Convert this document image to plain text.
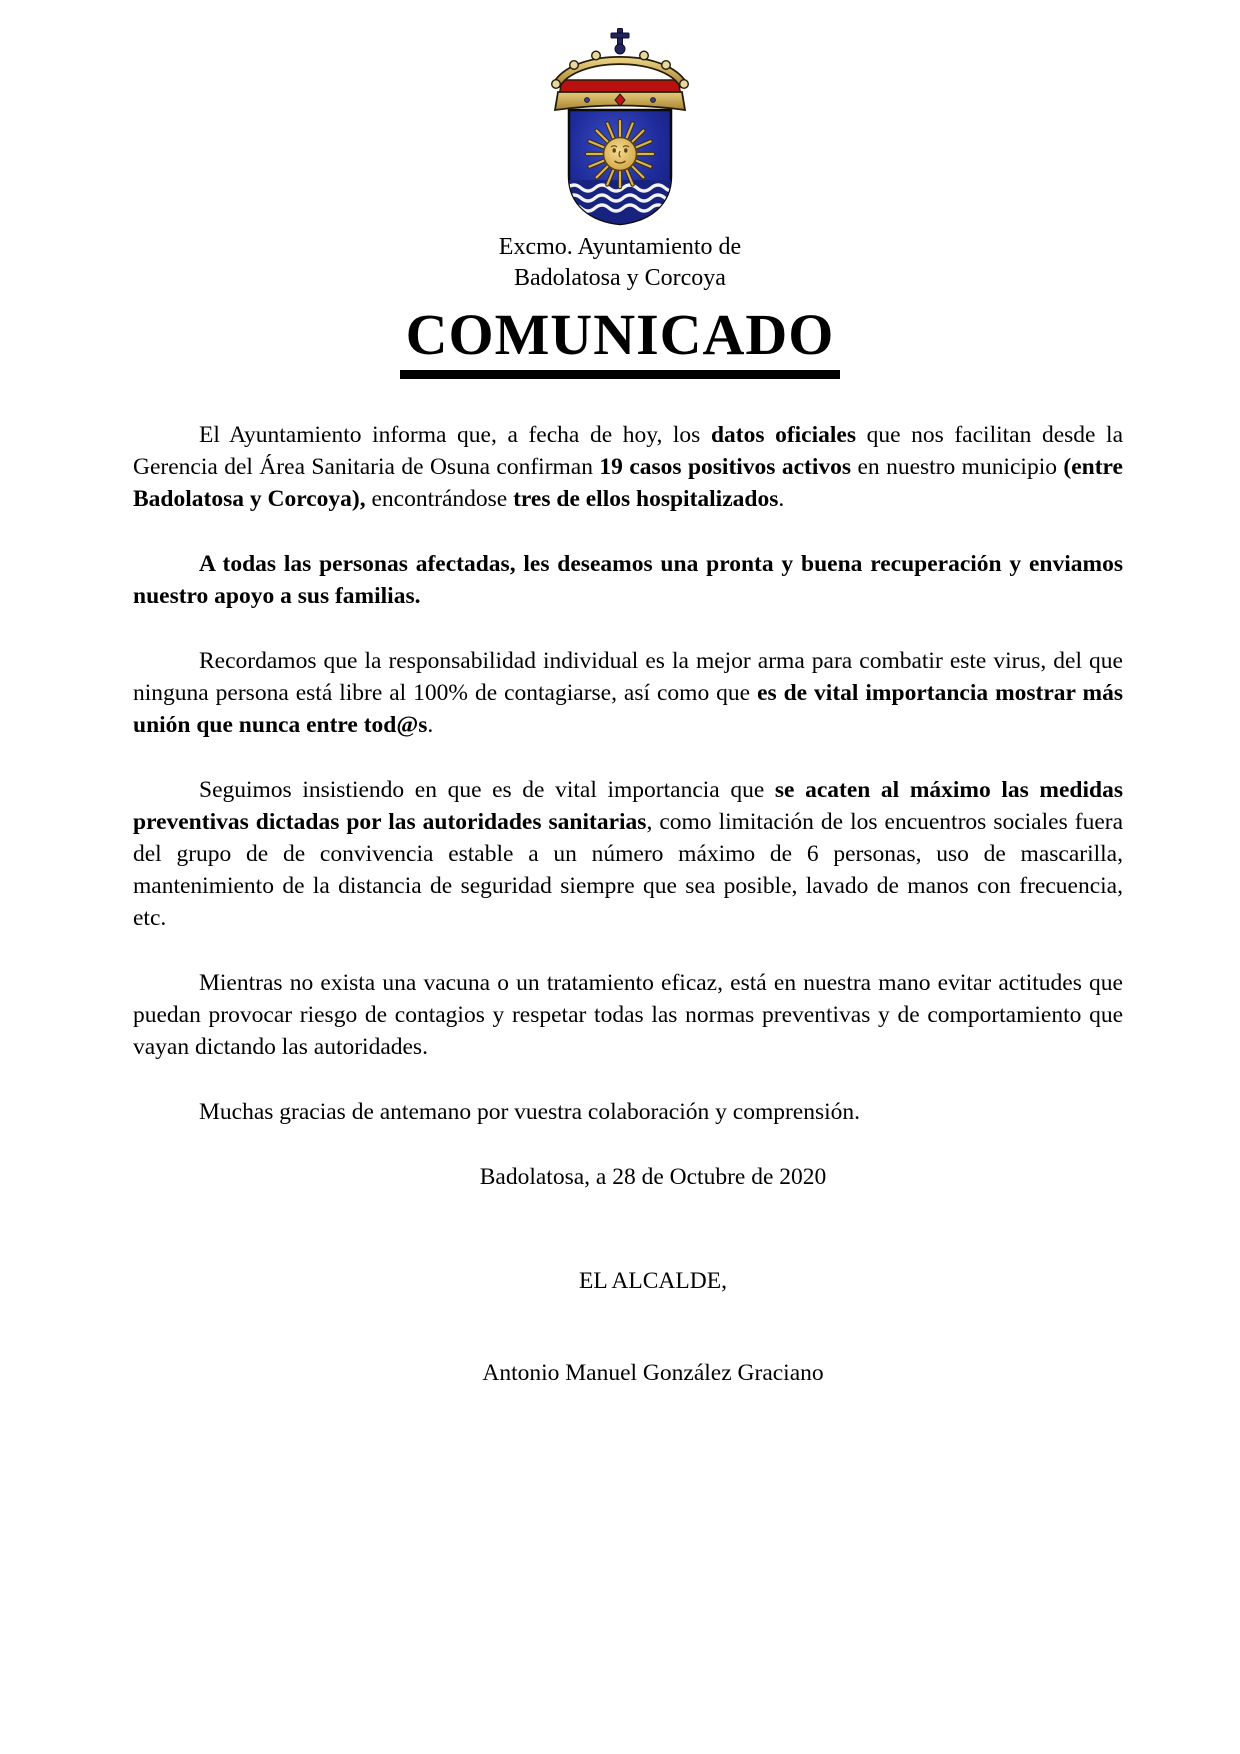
Excmo. Ayuntamiento de
Badolatosa y Corcoya
COMUNICADO

El Ayuntamiento informa que, a fecha de hoy, los datos oficiales que nos facilitan desde la Gerencia del Área Sanitaria de Osuna confirman 19 casos positivos activos en nuestro municipio (entre Badolatosa y Corcoya), encontrándose tres de ellos hospitalizados.

A todas las personas afectadas, les deseamos una pronta y buena recuperación y enviamos nuestro apoyo a sus familias.

Recordamos que la responsabilidad individual es la mejor arma para combatir este virus, del que ninguna persona está libre al 100% de contagiarse, así como que es de vital importancia mostrar más unión que nunca entre tod@s.

Seguimos insistiendo en que es de vital importancia que se acaten al máximo las medidas preventivas dictadas por las autoridades sanitarias, como limitación de los encuentros sociales fuera del grupo de de convivencia estable a un número máximo de 6 personas, uso de mascarilla, mantenimiento de la distancia de seguridad siempre que sea posible, lavado de manos con frecuencia, etc.

Mientras no exista una vacuna o un tratamiento eficaz, está en nuestra mano evitar actitudes que puedan provocar riesgo de contagios y respetar todas las normas preventivas y de comportamiento que vayan dictando las autoridades.

Muchas gracias de antemano por vuestra colaboración y comprensión.

Badolatosa, a 28 de Octubre de 2020

EL ALCALDE,

Antonio Manuel González Graciano
